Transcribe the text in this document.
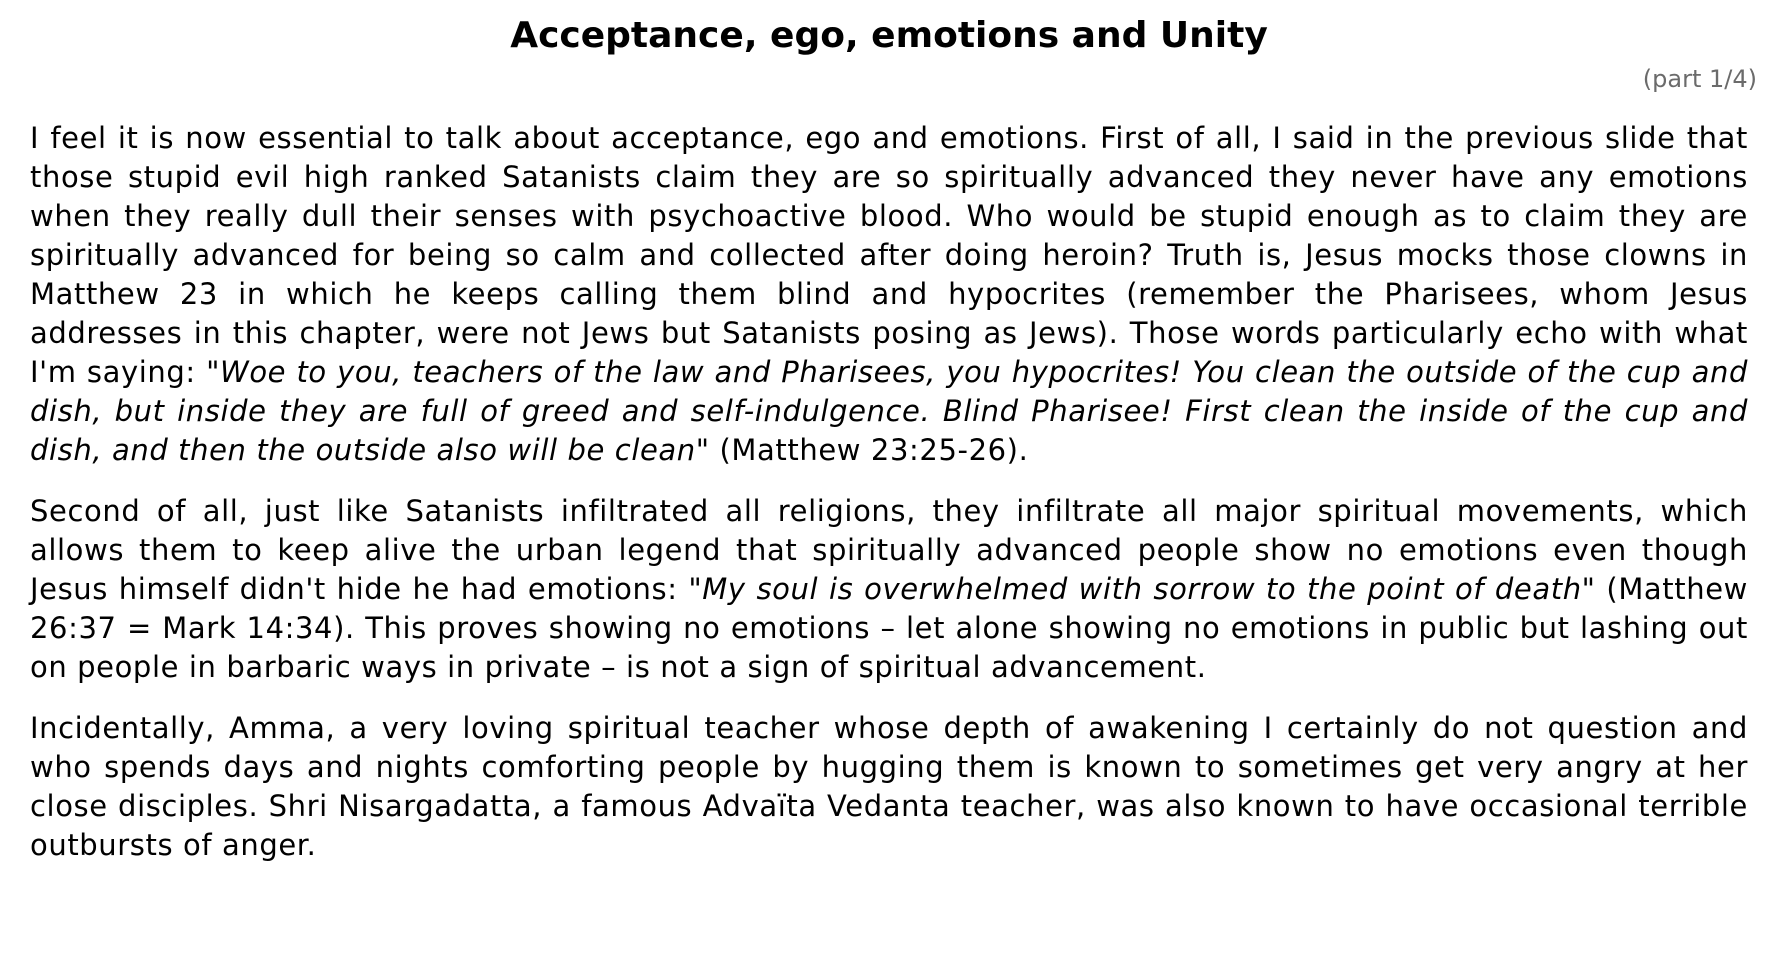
Acceptance, ego, emotions and Unity
(part 1/4)

I feel it is now essential to talk about acceptance, ego and emotions. First of all, I said in the previous slide that those stupid evil high ranked Satanists claim they are so spiritually advanced they never have any emotions when they really dull their senses with psychoactive blood. Who would be stupid enough as to claim they are spiritually advanced for being so calm and collected after doing heroin? Truth is, Jesus mocks those clowns in Matthew 23 in which he keeps calling them blind and hypocrites (remember the Pharisees, whom Jesus addresses in this chapter, were not Jews but Satanists posing as Jews). Those words particularly echo with what I'm saying: "Woe to you, teachers of the law and Pharisees, you hypocrites! You clean the outside of the cup and dish, but inside they are full of greed and self-indulgence. Blind Pharisee! First clean the inside of the cup and dish, and then the outside also will be clean" (Matthew 23:25-26).

Second of all, just like Satanists infiltrated all religions, they infiltrate all major spiritual movements, which allows them to keep alive the urban legend that spiritually advanced people show no emotions even though Jesus himself didn't hide he had emotions: "My soul is overwhelmed with sorrow to the point of death" (Matthew 26:37 = Mark 14:34). This proves showing no emotions – let alone showing no emotions in public but lashing out on people in barbaric ways in private – is not a sign of spiritual advancement.

Incidentally, Amma, a very loving spiritual teacher whose depth of awakening I certainly do not question and who spends days and nights comforting people by hugging them is known to sometimes get very angry at her close disciples. Shri Nisargadatta, a famous Advaïta Vedanta teacher, was also known to have occasional terrible outbursts of anger.
